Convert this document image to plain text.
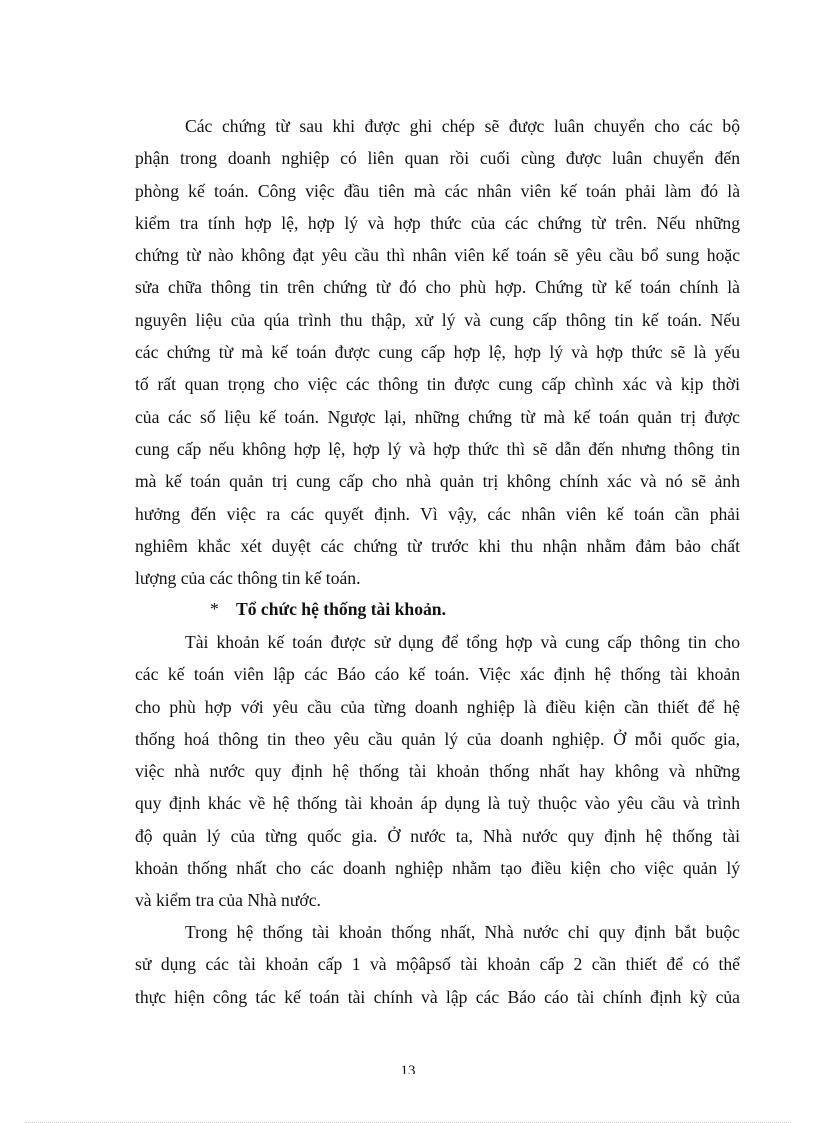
Các chứng từ sau khi được ghi chép sẽ được luân chuyển cho các bộ
phận trong doanh nghiệp có liên quan rồi cuối cùng được luân chuyển đến
phòng kế toán. Công việc đầu tiên mà các nhân viên kế toán phải làm đó là
kiểm tra tính hợp lệ, hợp lý và hợp thức của các chứng từ trên. Nếu những
chứng từ nào không đạt yêu cầu thì nhân viên kế toán sẽ yêu cầu bổ sung hoặc
sửa chữa thông tin trên chứng từ đó cho phù hợp. Chứng từ kế toán chính là
nguyên liệu của qúa trình thu thập, xử lý và cung cấp thông tin kế toán. Nếu
các chứng từ mà kế toán được cung cấp hợp lệ, hợp lý và hợp thức sẽ là yếu
tố rất quan trọng cho việc các thông tin được cung cấp chình xác và kịp thời
của các số liệu kế toán. Ngược lại, những chứng từ mà kế toán quản trị được
cung cấp nếu không hợp lệ, hợp lý và hợp thức thì sẽ dẫn đến nhưng thông tin
mà kế toán quản trị cung cấp cho nhà quản trị không chính xác và nó sẽ ảnh
hưởng đến việc ra các quyết định. Vì vậy, các nhân viên kế toán cần phải
nghiêm khắc xét duyệt các chứng từ trước khi thu nhận nhằm đảm bảo chất
lượng của các thông tin kế toán.
* Tổ chức hệ thống tài khoản.
Tài khoản kế toán được sử dụng để tổng hợp và cung cấp thông tin cho
các kế toán viên lập các Báo cáo kế toán. Việc xác định hệ thống tài khoản
cho phù hợp với yêu cầu của từng doanh nghiệp là điều kiện cần thiết để hệ
thống hoá thông tin theo yêu cầu quản lý của doanh nghiệp. Ở mỗi quốc gia,
việc nhà nước quy định hệ thống tài khoản thống nhất hay không và những
quy định khác về hệ thống tài khoản áp dụng là tuỳ thuộc vào yêu cầu và trình
độ quản lý của từng quốc gia. Ở nước ta, Nhà nước quy định hệ thống tài
khoản thống nhất cho các doanh nghiệp nhằm tạo điều kiện cho việc quản lý
và kiểm tra của Nhà nước.
Trong hệ thống tài khoản thống nhất, Nhà nước chỉ quy định bắt buộc
sử dụng các tài khoản cấp 1 và mộâpsố tài khoản cấp 2 cần thiết để có thể
thực hiện công tác kế toán tài chính và lập các Báo cáo tài chính định kỳ của
13
